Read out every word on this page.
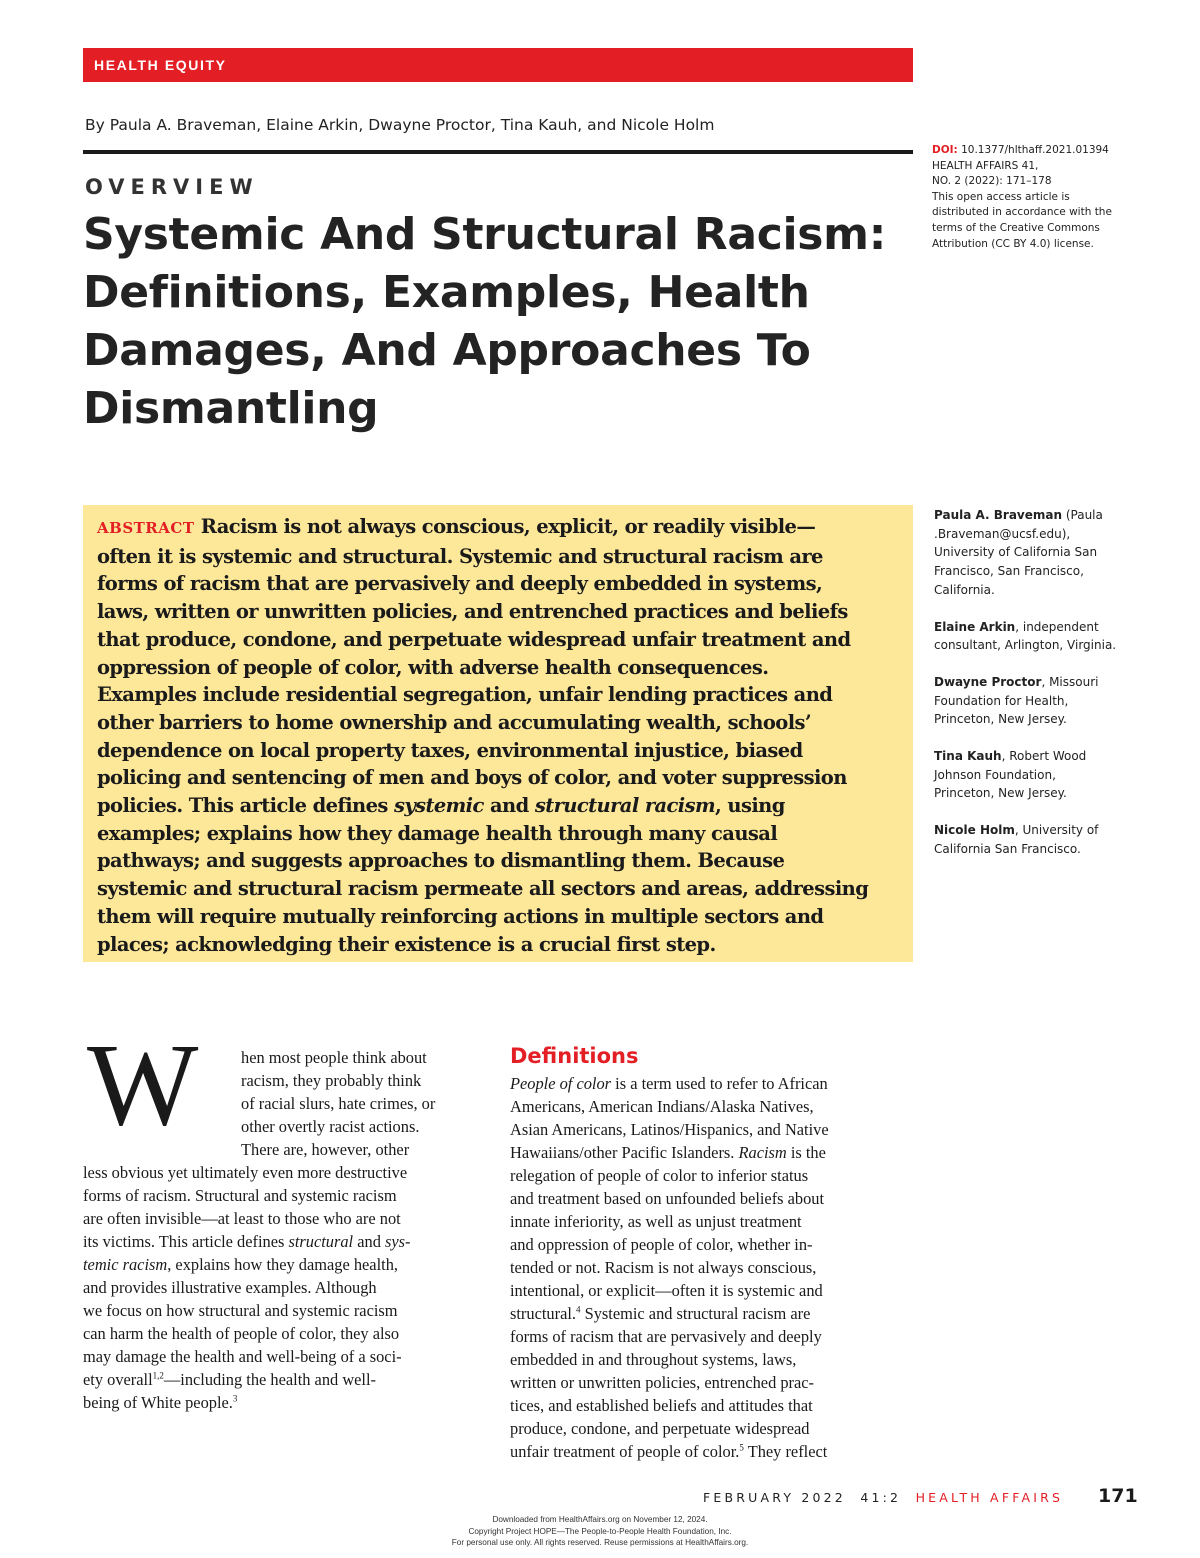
HEALTH EQUITY
By Paula A. Braveman, Elaine Arkin, Dwayne Proctor, Tina Kauh, and Nicole Holm
OVERVIEW
Systemic And Structural Racism:
Definitions, Examples, Health
Damages, And Approaches To
Dismantling
DOI: 10.1377/hlthaff.2021.01394
HEALTH AFFAIRS 41,
NO. 2 (2022): 171–178
This open access article is
distributed in accordance with the
terms of the Creative Commons
Attribution (CC BY 4.0) license.
ABSTRACT Racism is not always conscious, explicit, or readily visible—
often it is systemic and structural. Systemic and structural racism are
forms of racism that are pervasively and deeply embedded in systems,
laws, written or unwritten policies, and entrenched practices and beliefs
that produce, condone, and perpetuate widespread unfair treatment and
oppression of people of color, with adverse health consequences.
Examples include residential segregation, unfair lending practices and
other barriers to home ownership and accumulating wealth, schools’
dependence on local property taxes, environmental injustice, biased
policing and sentencing of men and boys of color, and voter suppression
policies. This article defines systemic and structural racism, using
examples; explains how they damage health through many causal
pathways; and suggests approaches to dismantling them. Because
systemic and structural racism permeate all sectors and areas, addressing
them will require mutually reinforcing actions in multiple sectors and
places; acknowledging their existence is a crucial first step.
Paula A. Braveman (Paula
.Braveman@ucsf.edu),
University of California San
Francisco, San Francisco,
California.
Elaine Arkin, independent
consultant, Arlington, Virginia.
Dwayne Proctor, Missouri
Foundation for Health,
Princeton, New Jersey.
Tina Kauh, Robert Wood
Johnson Foundation,
Princeton, New Jersey.
Nicole Holm, University of
California San Francisco.
W	hen most people think about
racism, they probably think
of racial slurs, hate crimes, or
other overtly racist actions.
There are, however, other
less obvious yet ultimately even more destructive
forms of racism. Structural and systemic racism
are often invisible—at least to those who are not
its victims. This article defines structural and sys-
temic racism, explains how they damage health,
and provides illustrative examples. Although
we focus on how structural and systemic racism
can harm the health of people of color, they also
may damage the health and well-being of a soci-
ety overall$^{1,2}$—including the health and well-
being of White people.$^3$
Definitions
People of color is a term used to refer to African
Americans, American Indians/Alaska Natives,
Asian Americans, Latinos/Hispanics, and Native
Hawaiians/other Pacific Islanders. Racism is the
relegation of people of color to inferior status
and treatment based on unfounded beliefs about
innate inferiority, as well as unjust treatment
and oppression of people of color, whether in-
tended or not. Racism is not always conscious,
intentional, or explicit—often it is systemic and
structural.$^4$ Systemic and structural racism are
forms of racism that are pervasively and deeply
embedded in and throughout systems, laws,
written or unwritten policies, entrenched prac-
tices, and established beliefs and attitudes that
produce, condone, and perpetuate widespread
unfair treatment of people of color.$^5$ They reflect
FEBRUARY 2022 41:2 HEALTH AFFAIRS 171
Downloaded from HealthAffairs.org on November 12, 2024.
Copyright Project HOPE—The People-to-People Health Foundation, Inc.
For personal use only. All rights reserved. Reuse permissions at HealthAffairs.org.
